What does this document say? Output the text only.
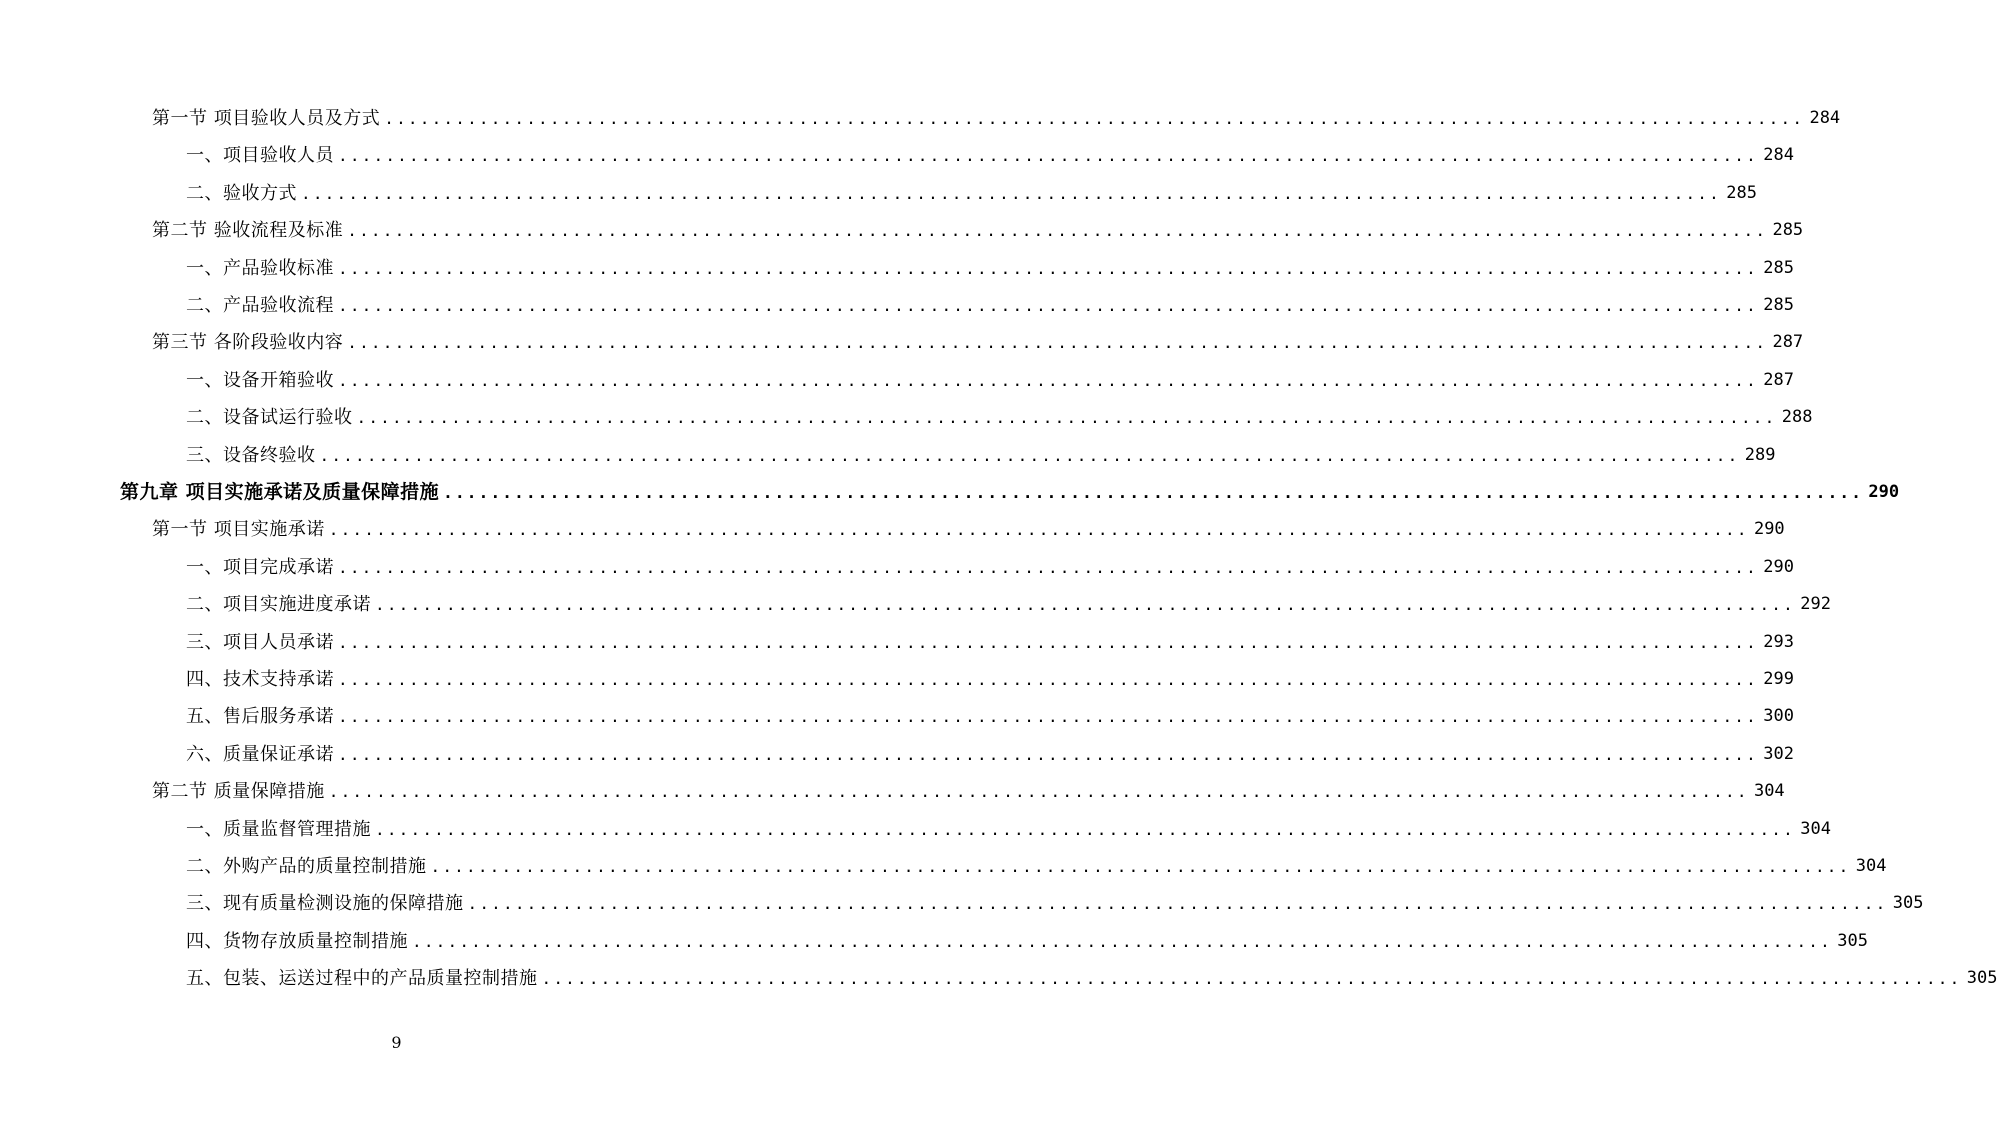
第一节 项目验收人员及方式 ........................................................................................................................ 284
一、项目验收人员 ........................................................................................................................ 284
二、验收方式 ........................................................................................................................ 285
第二节 验收流程及标准 ........................................................................................................................ 285
一、产品验收标准 ........................................................................................................................ 285
二、产品验收流程 ........................................................................................................................ 285
第三节 各阶段验收内容 ........................................................................................................................ 287
一、设备开箱验收 ........................................................................................................................ 287
二、设备试运行验收 ........................................................................................................................ 288
三、设备终验收 ........................................................................................................................ 289
第九章 项目实施承诺及质量保障措施 ........................................................................................................................ 290
第一节 项目实施承诺 ........................................................................................................................ 290
一、项目完成承诺 ........................................................................................................................ 290
二、项目实施进度承诺 ........................................................................................................................ 292
三、项目人员承诺 ........................................................................................................................ 293
四、技术支持承诺 ........................................................................................................................ 299
五、售后服务承诺 ........................................................................................................................ 300
六、质量保证承诺 ........................................................................................................................ 302
第二节 质量保障措施 ........................................................................................................................ 304
一、质量监督管理措施 ........................................................................................................................ 304
二、外购产品的质量控制措施 ........................................................................................................................ 304
三、现有质量检测设施的保障措施 ........................................................................................................................ 305
四、货物存放质量控制措施 ........................................................................................................................ 305
五、包装、运送过程中的产品质量控制措施 ........................................................................................................................ 305
9
